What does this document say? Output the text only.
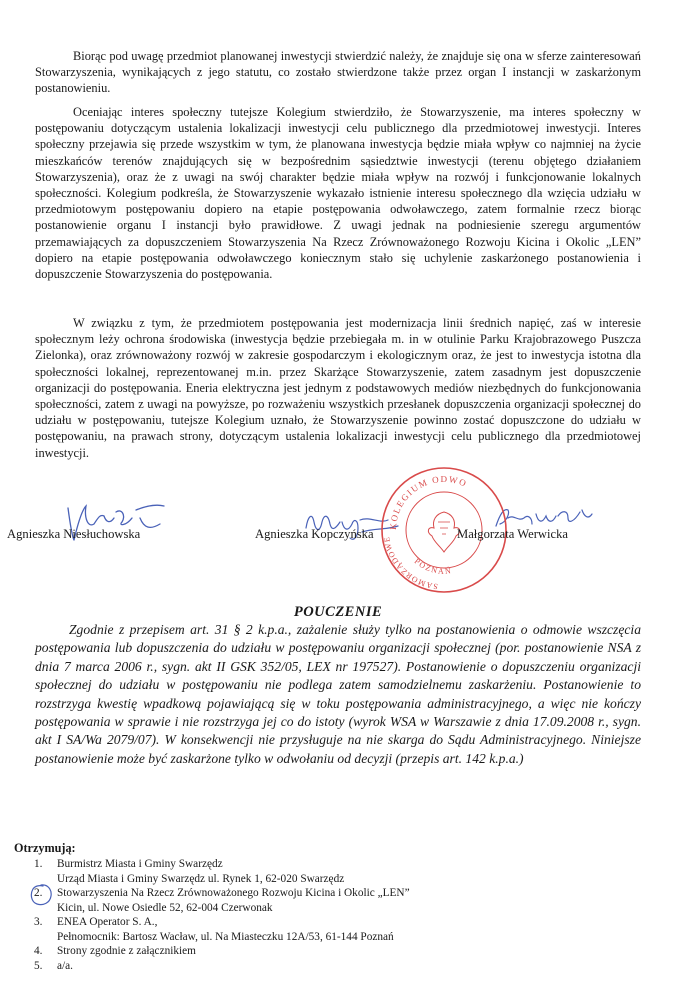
Biorąc pod uwagę przedmiot planowanej inwestycji stwierdzić należy, że znajduje się ona w sferze zainteresowań Stowarzyszenia, wynikających z jego statutu, co zostało stwierdzone także przez organ I instancji w zaskarżonym postanowieniu.

Oceniając interes społeczny tutejsze Kolegium stwierdziło, że Stowarzyszenie, ma interes społeczny w postępowaniu dotyczącym ustalenia lokalizacji inwestycji celu publicznego dla przedmiotowej inwestycji. Interes społeczny przejawia się przede wszystkim w tym, że planowana inwestycja będzie miała wpływ co najmniej na życie mieszkańców terenów znajdujących się w bezpośrednim sąsiedztwie inwestycji (terenu objętego działaniem Stowarzyszenia), oraz że z uwagi na swój charakter będzie miała wpływ na rozwój i funkcjonowanie lokalnych społeczności. Kolegium podkreśla, że Stowarzyszenie wykazało istnienie interesu społecznego dla wzięcia udziału w przedmiotowym postępowaniu dopiero na etapie postępowania odwoławczego, zatem formalnie rzecz biorąc postanowienie organu I instancji było prawidłowe. Z uwagi jednak na podniesienie szeregu argumentów przemawiających za dopuszczeniem Stowarzyszenia Na Rzecz Zrównoważonego Rozwoju Kicina i Okolic „LEN” dopiero na etapie postępowania odwoławczego koniecznym stało się uchylenie zaskarżonego postanowienia i dopuszczenie Stowarzyszenia do postępowania.

W związku z tym, że przedmiotem postępowania jest modernizacja linii średnich napięć, zaś w interesie społecznym leży ochrona środowiska (inwestycja będzie przebiegała m. in w otulinie Parku Krajobrazowego Puszcza Zielonka), oraz zrównoważony rozwój w zakresie gospodarczym i ekologicznym oraz, że jest to inwestycja istotna dla społeczności lokalnej, reprezentowanej m.in. przez Skarżące Stowarzyszenie, zatem zasadnym jest dopuszczenie organizacji do postępowania. Eneria elektryczna jest jednym z podstawowych mediów niezbędnych do funkcjonowania społeczności, zatem z uwagi na powyższe, po rozważeniu wszystkich przesłanek dopuszczenia organizacji społecznej do udziału w postępowaniu, tutejsze Kolegium uznało, że Stowarzyszenie powinno zostać dopuszczone do udziału w postępowaniu, na prawach strony, dotyczącym ustalenia lokalizacji inwestycji celu publicznego dla przedmiotowej inwestycji.

KOLEGIUM ODWO
SAMORZĄDOWE
POZNAŃ
Agnieszka Niesłuchowska	Agnieszka Kopczyńska	Małgorzata Werwicka
POUCZENIE

Zgodnie z przepisem art. 31 § 2 k.p.a., zażalenie służy tylko na postanowienia o odmowie wszczęcia postępowania lub dopuszczenia do udziału w postępowaniu organizacji społecznej (por. postanowienie NSA z dnia 7 marca 2006 r., sygn. akt II GSK 352/05, LEX nr 197527). Postanowienie o dopuszczeniu organizacji społecznej do udziału w postępowaniu nie podlega zatem samodzielnemu zaskarżeniu. Postanowienie to rozstrzyga kwestię wpadkową pojawiającą się w toku postępowania administracyjnego, a więc nie kończy postępowania w sprawie i nie rozstrzyga jej co do istoty (wyrok WSA w Warszawie z dnia 17.09.2008 r., sygn. akt I SA/Wa 2079/07). W konsekwencji nie przysługuje na nie skarga do Sądu Administracyjnego. Niniejsze postanowienie może być zaskarżone tylko w odwołaniu od decyzji (przepis art. 142 k.p.a.)

Otrzymują:
1. Burmistrz Miasta i Gminy Swarzędz
Urząd Miasta i Gminy Swarzędz ul. Rynek 1, 62-020 Swarzędz
2. Stowarzyszenia Na Rzecz Zrównoważonego Rozwoju Kicina i Okolic „LEN”
Kicin, ul. Nowe Osiedle 52, 62-004 Czerwonak
3. ENEA Operator S. A.,
Pełnomocnik: Bartosz Wacław, ul. Na Miasteczku 12A/53, 61-144 Poznań
4. Strony zgodnie z załącznikiem
5. a/a.
